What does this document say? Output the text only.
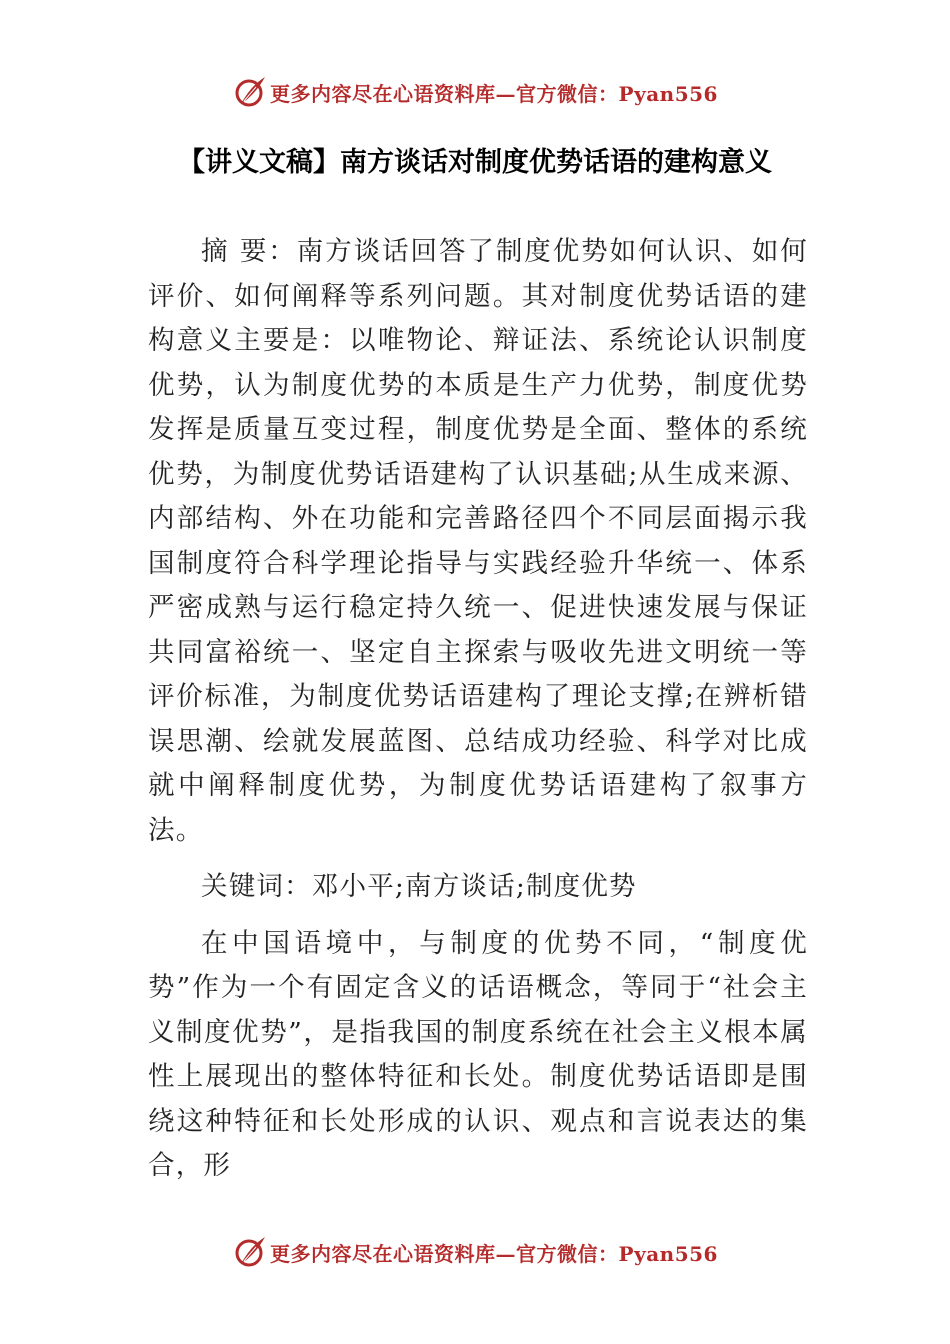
更多内容尽在心语资料库—官方微信：Pyan556
【讲义文稿】南方谈话对制度优势话语的建构意义

摘 要：南方谈话回答了制度优势如何认识、如何评价、如何阐释等系列问题。其对制度优势话语的建构意义主要是：以唯物论、辩证法、系统论认识制度优势，认为制度优势的本质是生产力优势，制度优势发挥是质量互变过程，制度优势是全面、整体的系统优势，为制度优势话语建构了认识基础;从生成来源、内部结构、外在功能和完善路径四个不同层面揭示我国制度符合科学理论指导与实践经验升华统一、体系严密成熟与运行稳定持久统一、促进快速发展与保证共同富裕统一、坚定自主探索与吸收先进文明统一等评价标准，为制度优势话语建构了理论支撑;在辨析错误思潮、绘就发展蓝图、总结成功经验、科学对比成就中阐释制度优势，为制度优势话语建构了叙事方法。

关键词：邓小平;南方谈话;制度优势

在中国语境中，与制度的优势不同，“制度优势”作为一个有固定含义的话语概念，等同于“社会主义制度优势”，是指我国的制度系统在社会主义根本属性上展现出的整体特征和长处。制度优势话语即是围绕这种特征和长处形成的认识、观点和言说表达的集合，形

更多内容尽在心语资料库—官方微信：Pyan556
